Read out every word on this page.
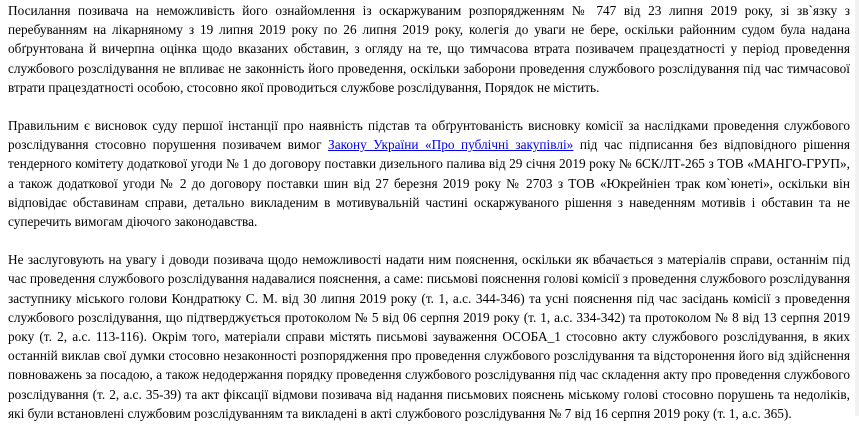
Посилання позивача на неможливість його ознайомлення із оскаржуваним розпорядженням № 747 від 23 липня 2019 року, зі зв`язку з перебуванням на лікарняному з 19 липня 2019 року по 26 липня 2019 року, колегія до уваги не бере, оскільки районним судом була надана обґрунтована й вичерпна оцінка щодо вказаних обставин, з огляду на те, що тимчасова втрата позивачем працездатності у період проведення службового розслідування не впливає не законність його проведення, оскільки заборони проведення службового розслідування під час тимчасової втрати працездатності особою, стосовно якої проводиться службове розслідування, Порядок не містить.

Правильним є висновок суду першої інстанції про наявність підстав та обґрунтованість висновку комісії за наслідками проведення службового розслідування стосовно порушення позивачем вимог Закону України «Про публічні закупівлі» під час підписання без відповідного рішення тендерного комітету додаткової угоди № 1 до договору поставки дизельного палива від 29 січня 2019 року № 6СК/ЛТ-265 з ТОВ «МАНГО-ГРУП», а також додаткової угоди № 2 до договору поставки шин від 27 березня 2019 року № 2703 з ТОВ «Юкрейніен трак ком`юнеті», оскільки він відповідає обставинам справи, детально викладеним в мотивувальній частині оскаржуваного рішення з наведенням мотивів і обставин та не суперечить вимогам діючого законодавства.

Не заслуговують на увагу і доводи позивача щодо неможливості надати ним пояснення, оскільки як вбачається з матеріалів справи, останнім під час проведення службового розслідування надавалися пояснення, а саме: письмові пояснення голові комісії з проведення службового розслідування заступнику міського голови Кондратюку С. М. від 30 липня 2019 року (т. 1, а.с. 344-346) та усні пояснення під час засідань комісії з проведення службового розслідування, що підтверджується протоколом № 5 від 06 серпня 2019 року (т. 1, а.с. 334-342) та протоколом № 8 від 13 серпня 2019 року (т. 2, а.с. 113-116). Окрім того, матеріали справи містять письмові зауваження ОСОБА_1 стосовно акту службового розслідування, в яких останній виклав свої думки стосовно незаконності розпорядження про проведення службового розслідування та відсторонення його від здійснення повноважень за посадою, а також недодержання порядку проведення службового розслідування під час складення акту про проведення службового розслідування (т. 2, а.с. 35-39) та акт фіксації відмови позивача від надання письмових пояснень міському голові стосовно порушень та недоліків, які були встановлені службовим розслідуванням та викладені в акті службового розслідування № 7 від 16 серпня 2019 року (т. 1, а.с. 365).
